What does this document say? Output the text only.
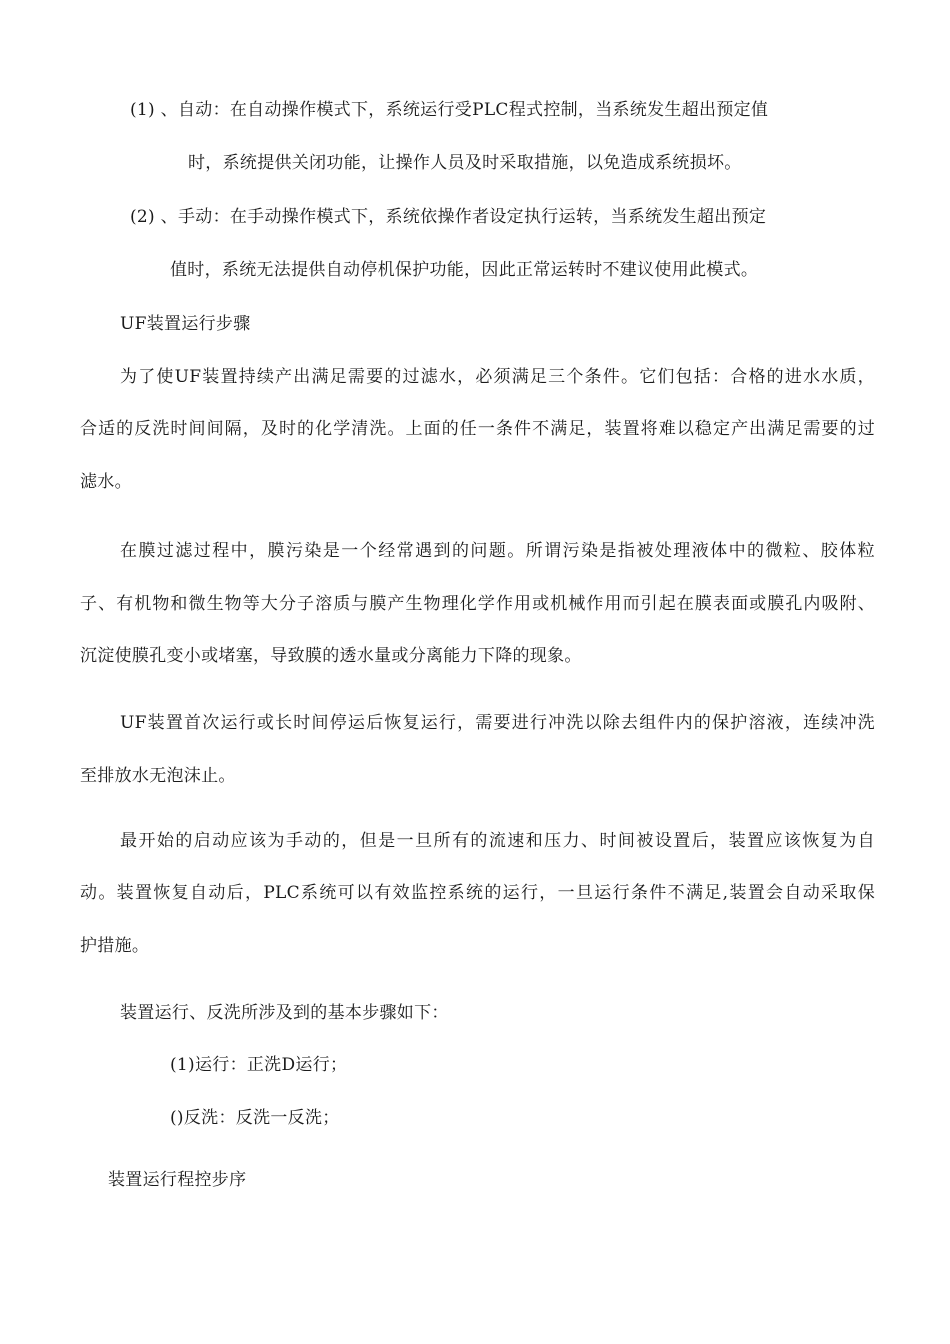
(1) 、自动：在自动操作模式下，系统运行受PLC程式控制，当系统发生超出预定值
时，系统提供关闭功能，让操作人员及时采取措施，以免造成系统损坏。
(2) 、手动：在手动操作模式下，系统依操作者设定执行运转，当系统发生超出预定
值时，系统无法提供自动停机保护功能，因此正常运转时不建议使用此模式。
UF装置运行步骤
为了使UF装置持续产出满足需要的过滤水，必须满足三个条件。它们包括：合格的进水水质，
合适的反洗时间间隔，及时的化学清洗。上面的任一条件不满足，装置将难以稳定产出满足需要的过
滤水。
在膜过滤过程中，膜污染是一个经常遇到的问题。所谓污染是指被处理液体中的微粒、胶体粒
子、有机物和微生物等大分子溶质与膜产生物理化学作用或机械作用而引起在膜表面或膜孔内吸附、
沉淀使膜孔变小或堵塞，导致膜的透水量或分离能力下降的现象。
UF装置首次运行或长时间停运后恢复运行，需要进行冲洗以除去组件内的保护溶液，连续冲洗
至排放水无泡沫止。
最开始的启动应该为手动的，但是一旦所有的流速和压力、时间被设置后，装置应该恢复为自
动。装置恢复自动后，PLC系统可以有效监控系统的运行，一旦运行条件不满足,装置会自动采取保
护措施。
装置运行、反洗所涉及到的基本步骤如下：
(1)运行：正洗D运行；
()反洗：反洗一反洗；
装置运行程控步序
